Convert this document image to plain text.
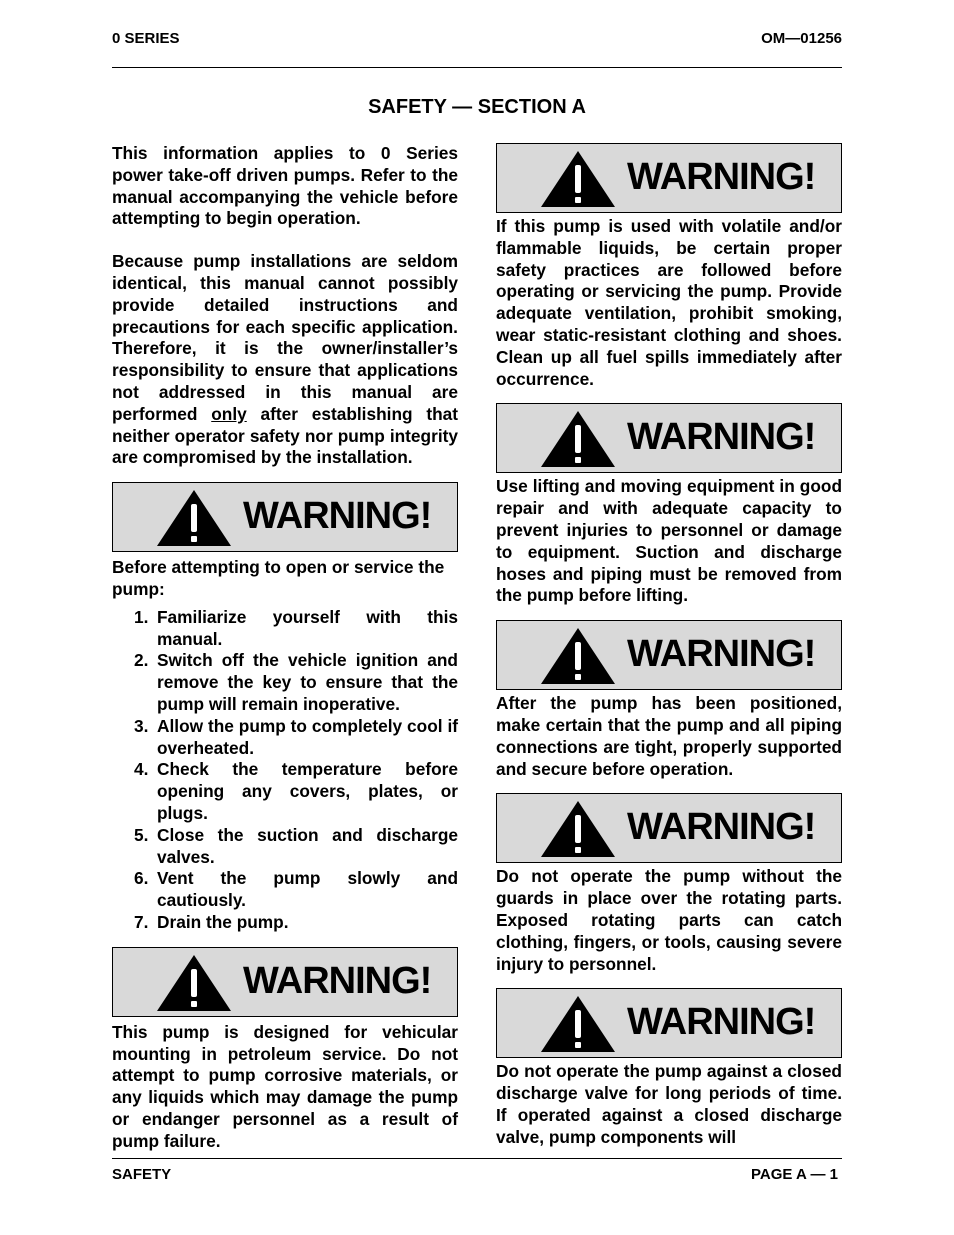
0 SERIES	OM—01256
SAFETY — SECTION A

This information applies to 0 Series power take-off driven pumps. Refer to the manual accompanying the vehicle before attempting to begin operation.

Because pump installations are seldom identical, this manual cannot possibly provide detailed instructions and precautions for each specific application. Therefore, it is the owner/installer’s responsibility to ensure that applications not addressed in this manual are performed only after establishing that neither operator safety nor pump integrity are compromised by the installation.

WARNING!

Before attempting to open or service the pump:

1. Familiarize yourself with this manual.
2. Switch off the vehicle ignition and remove the key to ensure that the pump will remain inoperative.
3. Allow the pump to completely cool if overheated.
4. Check the temperature before opening any covers, plates, or plugs.
5. Close the suction and discharge valves.
6. Vent the pump slowly and cautiously.
7. Drain the pump.
WARNING!

This pump is designed for vehicular mounting in petroleum service. Do not attempt to pump corrosive materials, or any liquids which may damage the pump or endanger personnel as a result of pump failure.

WARNING!

If this pump is used with volatile and/or flammable liquids, be certain proper safety practices are followed before operating or servicing the pump. Provide adequate ventilation, prohibit smoking, wear static-resistant clothing and shoes. Clean up all fuel spills immediately after occurrence.

WARNING!

Use lifting and moving equipment in good repair and with adequate capacity to prevent injuries to personnel or damage to equipment. Suction and discharge hoses and piping must be removed from the pump before lifting.

WARNING!

After the pump has been positioned, make certain that the pump and all piping connections are tight, properly supported and secure before operation.

WARNING!

Do not operate the pump without the guards in place over the rotating parts. Exposed rotating parts can catch clothing, fingers, or tools, causing severe injury to personnel.

WARNING!

Do not operate the pump against a closed discharge valve for long periods of time. If operated against a closed discharge valve, pump components will

SAFETY	PAGE A — 1
